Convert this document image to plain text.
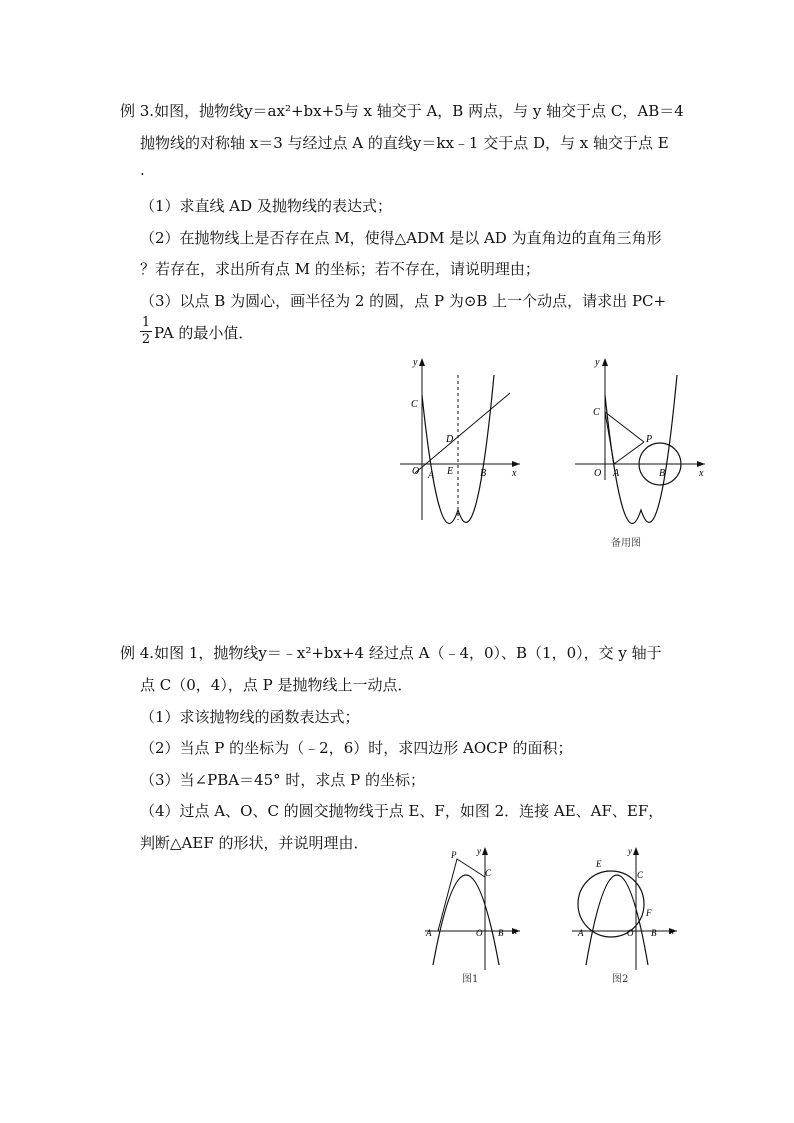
例 3.如图，抛物线y＝ax²+bx+5与 x 轴交于 A，B 两点，与 y 轴交于点 C，AB＝4
抛物线的对称轴 x＝3 与经过点 A 的直线y＝kx﹣1 交于点 D，与 x 轴交于点 E
.
（1）求直线 AD 及抛物线的表达式；
（2）在抛物线上是否存在点 M，使得△ADM 是以 AD 为直角边的直角三角形
？若存在，求出所有点 M 的坐标；若不存在，请说明理由；
（3）以点 B 为圆心，画半径为 2 的圆，点 P 为⊙B 上一个动点，请求出 PC+
1
2 PA 的最小值．
y
x
O A E	B
C
D
y
x
O A	B
C
P
备用图
例 4.如图 1，抛物线y＝﹣x²+bx+4 经过点 A（﹣4，0）、B（1，0），交 y 轴于
点 C（0，4），点 P 是抛物线上一动点．
（1）求该抛物线的函数表达式；
（2）当点 P 的坐标为（﹣2，6）时，求四边形 AOCP 的面积；
（3）当∠PBA＝45° 时，求点 P 的坐标；
（4）过点 A、O、C 的圆交抛物线于点 E、F，如图 2．连接 AE、AF、EF，
判断△AEF 的形状，并说明理由．	y
x
A	O B
C
P
图1
y
x
A	O B
C
E
F
图2
